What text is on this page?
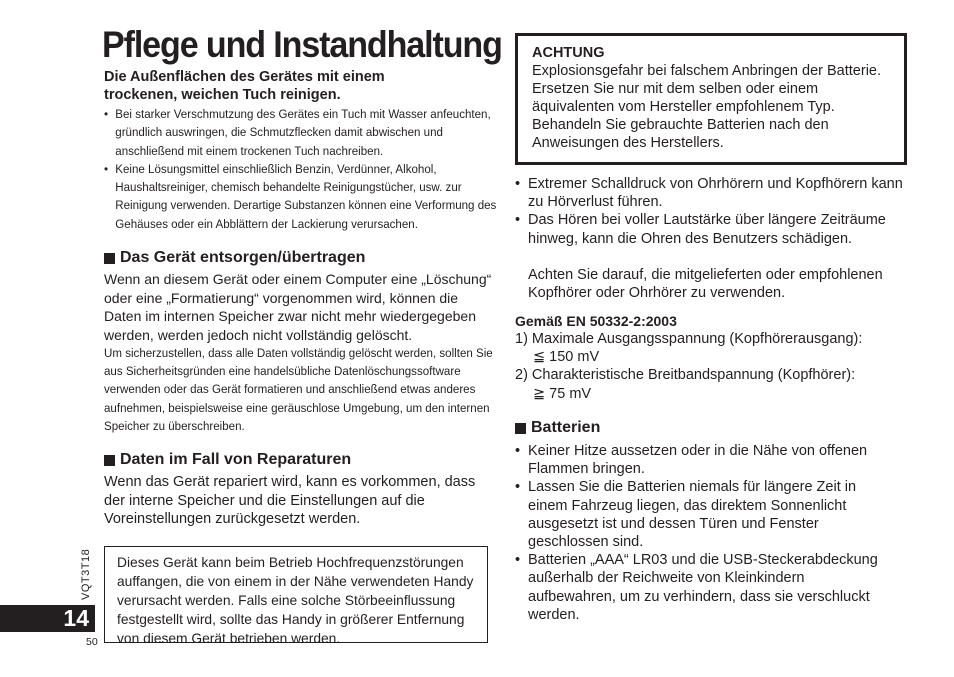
Pflege und Instandhaltung
Die Außenflächen des Gerätes mit einem trockenen, weichen Tuch reinigen.
• Bei starker Verschmutzung des Gerätes ein Tuch mit Wasser anfeuchten, gründlich auswringen, die Schmutzflecken damit abwischen und anschließend mit einem trockenen Tuch nachreiben.
• Keine Lösungsmittel einschließlich Benzin, Verdünner, Alkohol, Haushaltsreiniger, chemisch behandelte Reinigungstücher, usw. zur Reinigung verwenden. Derartige Substanzen können eine Verformung des Gehäuses oder ein Abblättern der Lackierung verursachen.
Das Gerät entsorgen/übertragen
Wenn an diesem Gerät oder einem Computer eine „Löschung“ oder eine „Formatierung“ vorgenommen wird, können die Daten im internen Speicher zwar nicht mehr wiedergegeben werden, werden jedoch nicht vollständig gelöscht.
Um sicherzustellen, dass alle Daten vollständig gelöscht werden, sollten Sie aus Sicherheitsgründen eine handelsübliche Datenlöschungssoftware verwenden oder das Gerät formatieren und anschließend etwas anderes aufnehmen, beispielsweise eine geräuschlose Umgebung, um den internen Speicher zu überschreiben.
Daten im Fall von Reparaturen
Wenn das Gerät repariert wird, kann es vorkommen, dass der interne Speicher und die Einstellungen auf die Voreinstellungen zurückgesetzt werden.
Dieses Gerät kann beim Betrieb Hochfrequenzstörungen auffangen, die von einem in der Nähe verwendeten Handy verursacht werden. Falls eine solche Störbeeinflussung festgestellt wird, sollte das Handy in größerer Entfernung von diesem Gerät betrieben werden.
VQT3T18
14
50
ACHTUNG
Explosionsgefahr bei falschem Anbringen der Batterie. Ersetzen Sie nur mit dem selben oder einem äquivalenten vom Hersteller empfohlenem Typ. Behandeln Sie gebrauchte Batterien nach den Anweisungen des Herstellers.
• Extremer Schalldruck von Ohrhörern und Kopfhörern kann zu Hörverlust führen.
• Das Hören bei voller Lautstärke über längere Zeiträume hinweg, kann die Ohren des Benutzers schädigen.
Achten Sie darauf, die mitgelieferten oder empfohlenen Kopfhörer oder Ohrhörer zu verwenden.
Gemäß EN 50332-2:2003
1) Maximale Ausgangsspannung (Kopfhörerausgang):
≦ 150 mV
2) Charakteristische Breitbandspannung (Kopfhörer):
≧ 75 mV
Batterien
• Keiner Hitze aussetzen oder in die Nähe von offenen Flammen bringen.
• Lassen Sie die Batterien niemals für längere Zeit in einem Fahrzeug liegen, das direktem Sonnenlicht ausgesetzt ist und dessen Türen und Fenster geschlossen sind.
• Batterien „AAA“ LR03 und die USB-Steckerabdeckung außerhalb der Reichweite von Kleinkindern aufbewahren, um zu verhindern, dass sie verschluckt werden.
